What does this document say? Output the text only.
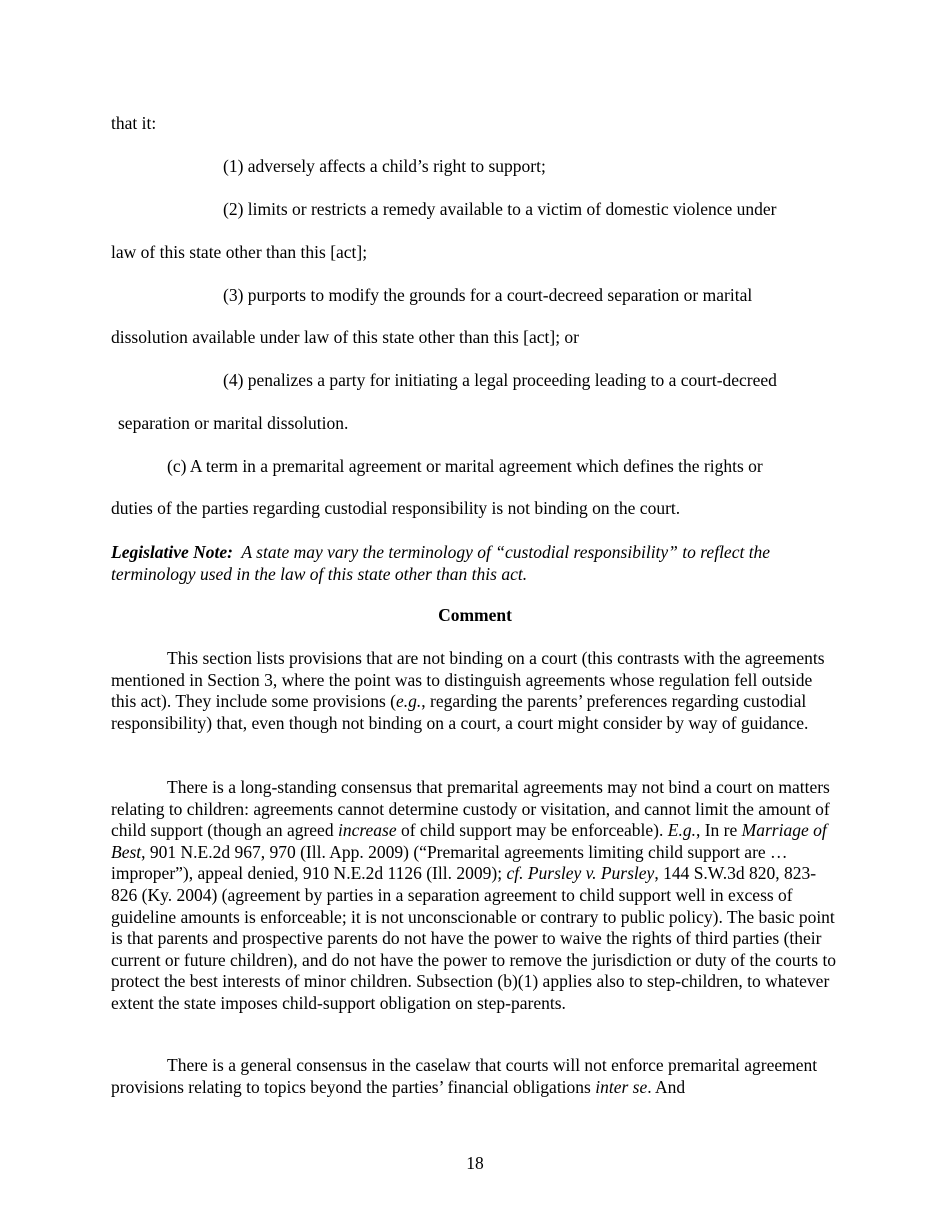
that it:
(1) adversely affects a child’s right to support;
(2) limits or restricts a remedy available to a victim of domestic violence under
law of this state other than this [act];
(3) purports to modify the grounds for a court-decreed separation or marital
dissolution available under law of this state other than this [act]; or
(4) penalizes a party for initiating a legal proceeding leading to a court-decreed
separation or marital dissolution.
(c) A term in a premarital agreement or marital agreement which defines the rights or
duties of the parties regarding custodial responsibility is not binding on the court.
Legislative Note: A state may vary the terminology of “custodial responsibility” to reflect the terminology used in the law of this state other than this act.
Comment
This section lists provisions that are not binding on a court (this contrasts with the agreements mentioned in Section 3, where the point was to distinguish agreements whose regulation fell outside this act). They include some provisions (e.g., regarding the parents’ preferences regarding custodial responsibility) that, even though not binding on a court, a court might consider by way of guidance.
There is a long-standing consensus that premarital agreements may not bind a court on matters relating to children: agreements cannot determine custody or visitation, and cannot limit the amount of child support (though an agreed increase of child support may be enforceable). E.g., In re Marriage of Best, 901 N.E.2d 967, 970 (Ill. App. 2009) (“Premarital agreements limiting child support are … improper”), appeal denied, 910 N.E.2d 1126 (Ill. 2009); cf. Pursley v. Pursley, 144 S.W.3d 820, 823-826 (Ky. 2004) (agreement by parties in a separation agreement to child support well in excess of guideline amounts is enforceable; it is not unconscionable or contrary to public policy). The basic point is that parents and prospective parents do not have the power to waive the rights of third parties (their current or future children), and do not have the power to remove the jurisdiction or duty of the courts to protect the best interests of minor children. Subsection (b)(1) applies also to step-children, to whatever extent the state imposes child-support obligation on step-parents.
There is a general consensus in the caselaw that courts will not enforce premarital agreement provisions relating to topics beyond the parties’ financial obligations inter se. And
18
